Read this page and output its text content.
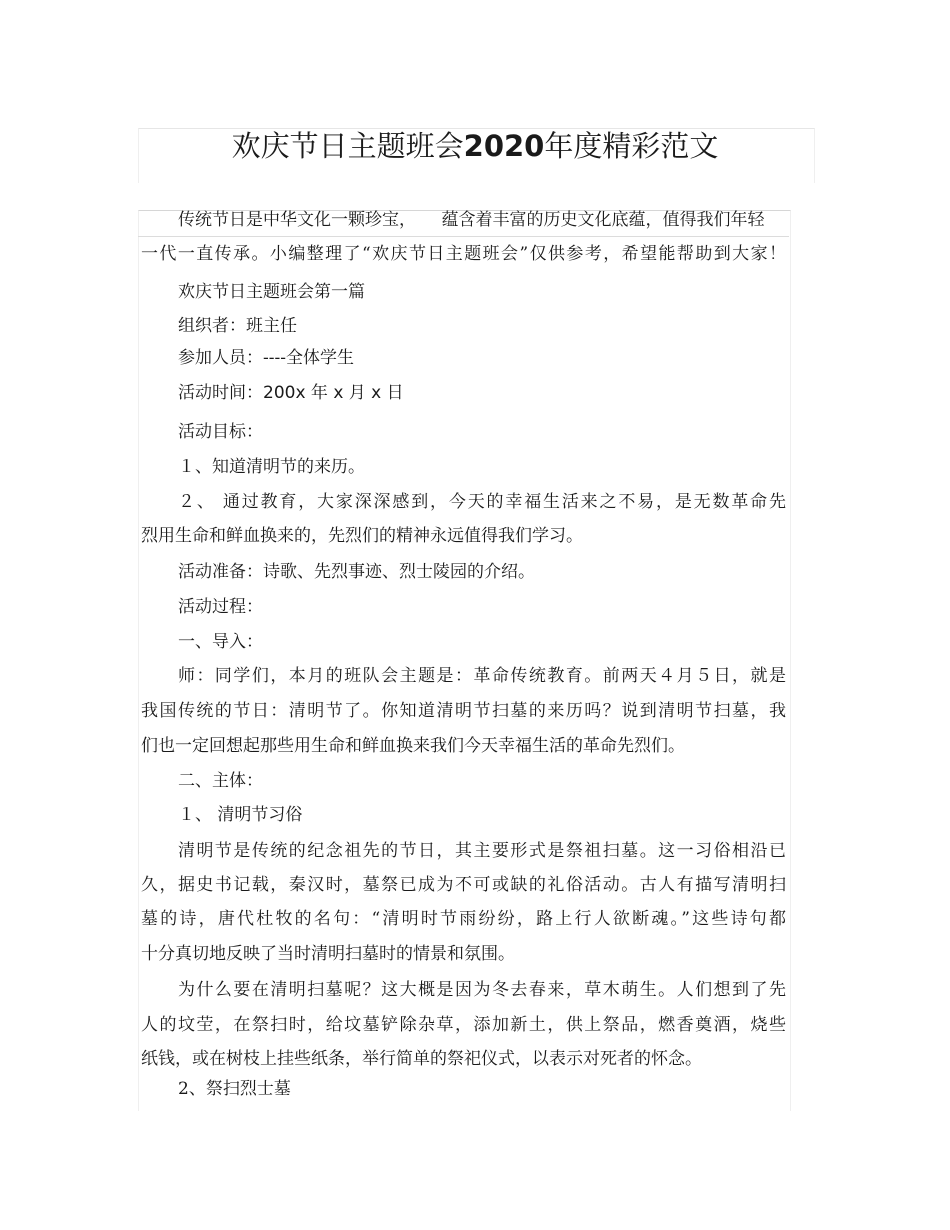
欢庆节日主题班会2020年度精彩范文
传统节日是中华文化一颗珍宝，　　蕴含着丰富的历史文化底蕴，值得我们年轻
一代一直传承。小编整理了“欢庆节日主题班会”仅供参考，希望能帮助到大家！
欢庆节日主题班会第一篇
组织者：班主任
参加人员：----全体学生
活动时间：200x 年 x 月 x 日
活动目标：
１、知道清明节的来历。
２、 通过教育，大家深深感到，今天的幸福生活来之不易，是无数革命先
烈用生命和鲜血换来的，先烈们的精神永远值得我们学习。
活动准备：诗歌、先烈事迹、烈士陵园的介绍。
活动过程：
一、导入：
师：同学们，本月的班队会主题是：革命传统教育。前两天４月５日，就是
我国传统的节日：清明节了。你知道清明节扫墓的来历吗？说到清明节扫墓，我
们也一定回想起那些用生命和鲜血换来我们今天幸福生活的革命先烈们。
二、主体：
１、 清明节习俗
清明节是传统的纪念祖先的节日，其主要形式是祭祖扫墓。这一习俗相沿已
久，据史书记载，秦汉时，墓祭已成为不可或缺的礼俗活动。古人有描写清明扫
墓的诗，唐代杜牧的名句：“清明时节雨纷纷，路上行人欲断魂。”这些诗句都
十分真切地反映了当时清明扫墓时的情景和氛围。
为什么要在清明扫墓呢？这大概是因为冬去春来，草木萌生。人们想到了先
人的坟茔，在祭扫时，给坟墓铲除杂草，添加新土，供上祭品，燃香奠酒，烧些
纸钱，或在树枝上挂些纸条，举行简单的祭祀仪式，以表示对死者的怀念。
2、祭扫烈士墓
